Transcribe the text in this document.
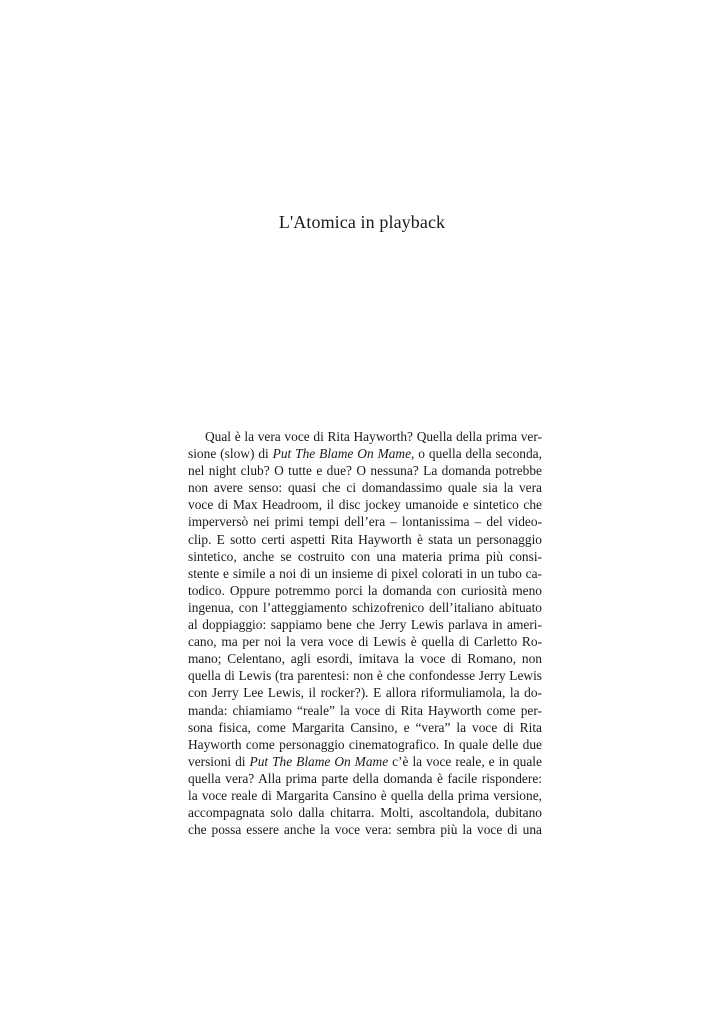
L'Atomica in playback
Qual è la vera voce di Rita Hayworth? Quella della prima ver-
sione (slow) di Put The Blame On Mame, o quella della seconda,
nel night club? O tutte e due? O nessuna? La domanda potrebbe
non avere senso: quasi che ci domandassimo quale sia la vera
voce di Max Headroom, il disc jockey umanoide e sintetico che
imperversò nei primi tempi dell’era – lontanissima – del video-
clip. E sotto certi aspetti Rita Hayworth è stata un personaggio
sintetico, anche se costruito con una materia prima più consi-
stente e simile a noi di un insieme di pixel colorati in un tubo ca-
todico. Oppure potremmo porci la domanda con curiosità meno
ingenua, con l’atteggiamento schizofrenico dell’italiano abituato
al doppiaggio: sappiamo bene che Jerry Lewis parlava in ameri-
cano, ma per noi la vera voce di Lewis è quella di Carletto Ro-
mano; Celentano, agli esordi, imitava la voce di Romano, non
quella di Lewis (tra parentesi: non è che confondesse Jerry Lewis
con Jerry Lee Lewis, il rocker?). E allora riformuliamola, la do-
manda: chiamiamo “reale” la voce di Rita Hayworth come per-
sona fisica, come Margarita Cansino, e “vera” la voce di Rita
Hayworth come personaggio cinematografico. In quale delle due
versioni di Put The Blame On Mame c’è la voce reale, e in quale
quella vera? Alla prima parte della domanda è facile rispondere:
la voce reale di Margarita Cansino è quella della prima versione,
accompagnata solo dalla chitarra. Molti, ascoltandola, dubitano
che possa essere anche la voce vera: sembra più la voce di una
